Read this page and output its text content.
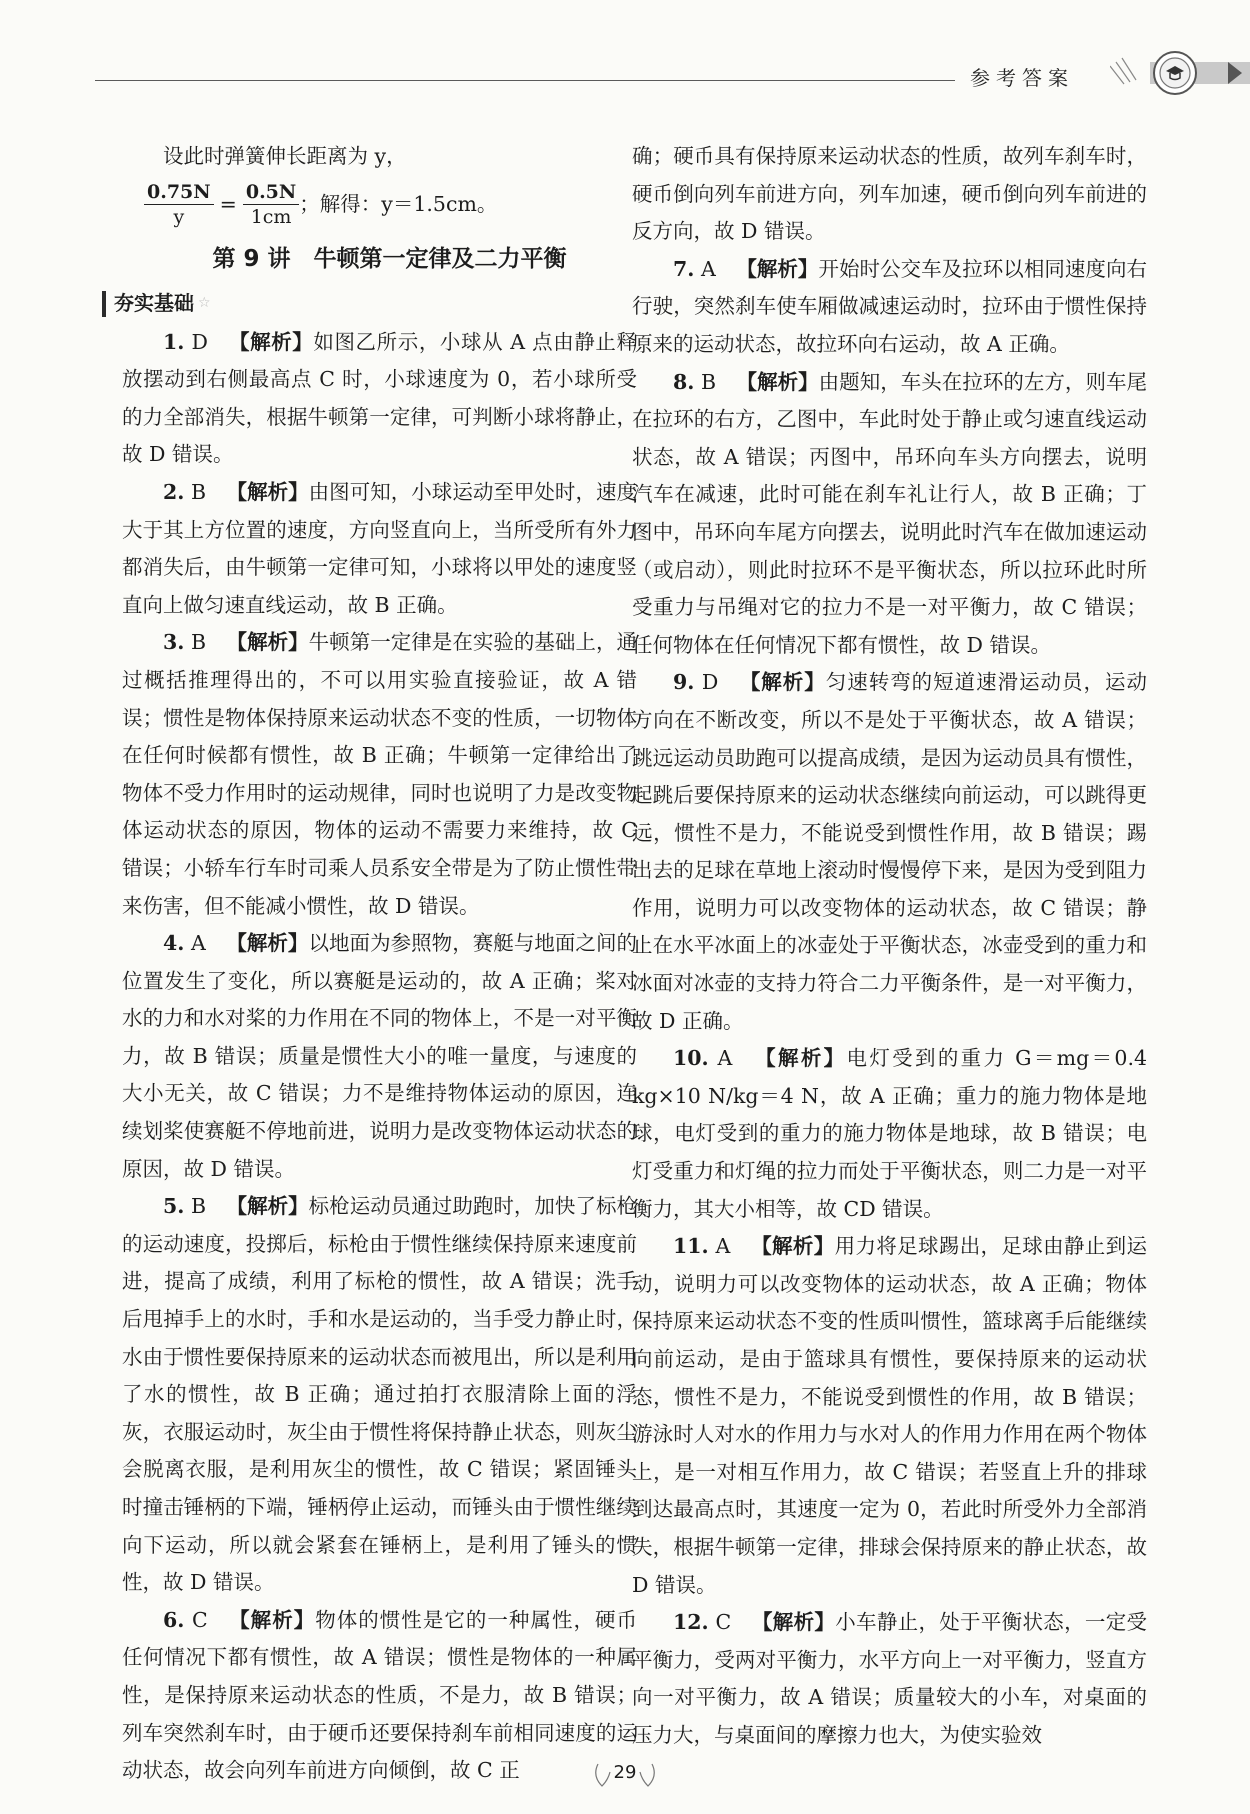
参考答案

设此时弹簧伸长距离为 y，

$\frac{0.75N}{y} = \frac{0.5N}{1cm}$ ；解得：y＝1.5cm。
第 9 讲　牛顿第一定律及二力平衡
夯实基础 ☆

1. D  【解析】如图乙所示，小球从 A 点由静止释放摆动到右侧最高点 C 时，小球速度为 0，若小球所受的力全部消失，根据牛顿第一定律，可判断小球将静止，故 D 错误。

2. B  【解析】由图可知，小球运动至甲处时，速度大于其上方位置的速度，方向竖直向上，当所受所有外力都消失后，由牛顿第一定律可知，小球将以甲处的速度竖直向上做匀速直线运动，故 B 正确。

3. B  【解析】牛顿第一定律是在实验的基础上，通过概括推理得出的，不可以用实验直接验证，故 A 错误；惯性是物体保持原来运动状态不变的性质，一切物体在任何时候都有惯性，故 B 正确；牛顿第一定律给出了物体不受力作用时的运动规律，同时也说明了力是改变物体运动状态的原因，物体的运动不需要力来维持，故 C 错误；小轿车行车时司乘人员系安全带是为了防止惯性带来伤害，但不能减小惯性，故 D 错误。

4. A  【解析】以地面为参照物，赛艇与地面之间的位置发生了变化，所以赛艇是运动的，故 A 正确；桨对水的力和水对桨的力作用在不同的物体上，不是一对平衡力，故 B 错误；质量是惯性大小的唯一量度，与速度的大小无关，故 C 错误；力不是维持物体运动的原因，连续划桨使赛艇不停地前进，说明力是改变物体运动状态的原因，故 D 错误。

5. B  【解析】标枪运动员通过助跑时，加快了标枪的运动速度，投掷后，标枪由于惯性继续保持原来速度前进，提高了成绩，利用了标枪的惯性，故 A 错误；洗手后甩掉手上的水时，手和水是运动的，当手受力静止时，水由于惯性要保持原来的运动状态而被甩出，所以是利用了水的惯性，故 B 正确；通过拍打衣服清除上面的浮灰，衣服运动时，灰尘由于惯性将保持静止状态，则灰尘会脱离衣服，是利用灰尘的惯性，故 C 错误；紧固锤头时撞击锤柄的下端，锤柄停止运动，而锤头由于惯性继续向下运动，所以就会紧套在锤柄上，是利用了锤头的惯性，故 D 错误。

6. C  【解析】物体的惯性是它的一种属性，硬币任何情况下都有惯性，故 A 错误；惯性是物体的一种属性，是保持原来运动状态的性质，不是力，故 B 错误；列车突然刹车时，由于硬币还要保持刹车前相同速度的运动状态，故会向列车前进方向倾倒，故 C 正

确；硬币具有保持原来运动状态的性质，故列车刹车时，硬币倒向列车前进方向，列车加速，硬币倒向列车前进的反方向，故 D 错误。

7. A  【解析】开始时公交车及拉环以相同速度向右行驶，突然刹车使车厢做减速运动时，拉环由于惯性保持原来的运动状态，故拉环向右运动，故 A 正确。

8. B  【解析】由题知，车头在拉环的左方，则车尾在拉环的右方，乙图中，车此时处于静止或匀速直线运动状态，故 A 错误；丙图中，吊环向车头方向摆去，说明汽车在减速，此时可能在刹车礼让行人，故 B 正确；丁图中，吊环向车尾方向摆去，说明此时汽车在做加速运动（或启动），则此时拉环不是平衡状态，所以拉环此时所受重力与吊绳对它的拉力不是一对平衡力，故 C 错误；任何物体在任何情况下都有惯性，故 D 错误。

9. D  【解析】匀速转弯的短道速滑运动员，运动方向在不断改变，所以不是处于平衡状态，故 A 错误；跳远运动员助跑可以提高成绩，是因为运动员具有惯性，起跳后要保持原来的运动状态继续向前运动，可以跳得更远，惯性不是力，不能说受到惯性作用，故 B 错误；踢出去的足球在草地上滚动时慢慢停下来，是因为受到阻力作用，说明力可以改变物体的运动状态，故 C 错误；静止在水平冰面上的冰壶处于平衡状态，冰壶受到的重力和冰面对冰壶的支持力符合二力平衡条件，是一对平衡力，故 D 正确。

10. A  【解析】电灯受到的重力 G＝mg＝0.4 kg×10 N/kg＝4 N，故 A 正确；重力的施力物体是地球，电灯受到的重力的施力物体是地球，故 B 错误；电灯受重力和灯绳的拉力而处于平衡状态，则二力是一对平衡力，其大小相等，故 CD 错误。

11. A  【解析】用力将足球踢出，足球由静止到运动，说明力可以改变物体的运动状态，故 A 正确；物体保持原来运动状态不变的性质叫惯性，篮球离手后能继续向前运动，是由于篮球具有惯性，要保持原来的运动状态，惯性不是力，不能说受到惯性的作用，故 B 错误；游泳时人对水的作用力与水对人的作用力作用在两个物体上，是一对相互作用力，故 C 错误；若竖直上升的排球到达最高点时，其速度一定为 0，若此时所受外力全部消失，根据牛顿第一定律，排球会保持原来的静止状态，故 D 错误。

12. C  【解析】小车静止，处于平衡状态，一定受平衡力，受两对平衡力，水平方向上一对平衡力，竖直方向一对平衡力，故 A 错误；质量较大的小车，对桌面的压力大，与桌面间的摩擦力也大，为使实验效

29
